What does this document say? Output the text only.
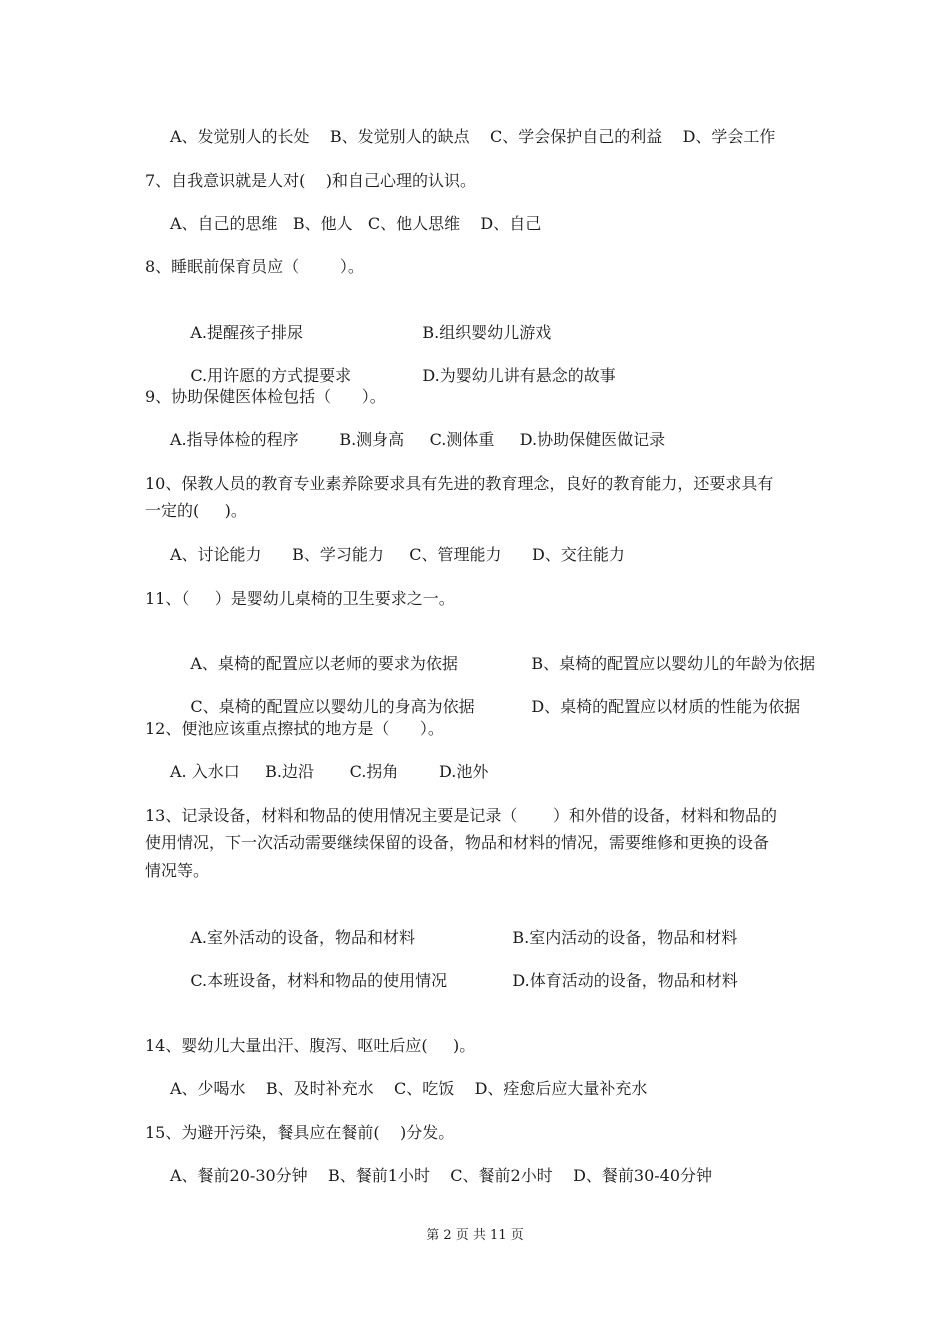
A、发觉别人的长处    B、发觉别人的缺点    C、学会保护自己的利益    D、学会工作
7、自我意识就是人对(    )和自己心理的认识。
A、自己的思维   B、他人   C、他人思维    D、自己
8、睡眠前保育员应（        ）。

A.提醒孩子排尿	B.组织婴幼儿游戏

C.用许愿的方式提要求	D.为婴幼儿讲有悬念的故事

9、协助保健医体检包括（      ）。
A.指导体检的程序        B.测身高     C.测体重     D.协助保健医做记录
10、保教人员的教育专业素养除要求具有先进的教育理念，良好的教育能力，还要求具有
一定的(     )。
A、讨论能力      B、学习能力     C、管理能力      D、交往能力
11、（     ）是婴幼儿桌椅的卫生要求之一。

A、桌椅的配置应以老师的要求为依据	B、桌椅的配置应以婴幼儿的年龄为依据

C、桌椅的配置应以婴幼儿的身高为依据	D、桌椅的配置应以材质的性能为依据

12、便池应该重点擦拭的地方是（      ）。
A. 入水口     B.边沿       C.拐角        D.池外
13、记录设备，材料和物品的使用情况主要是记录（       ）和外借的设备，材料和物品的
使用情况，下一次活动需要继续保留的设备，物品和材料的情况，需要维修和更换的设备
情况等。

A.室外活动的设备，物品和材料	B.室内活动的设备，物品和材料

C.本班设备，材料和物品的使用情况	D.体育活动的设备，物品和材料

14、婴幼儿大量出汗、腹泻、呕吐后应(     )。
A、少喝水    B、及时补充水    C、吃饭    D、痊愈后应大量补充水
15、为避开污染，餐具应在餐前(    )分发。
A、餐前20-30分钟    B、餐前1小时    C、餐前2小时    D、餐前30-40分钟
第 2 页 共 11 页
